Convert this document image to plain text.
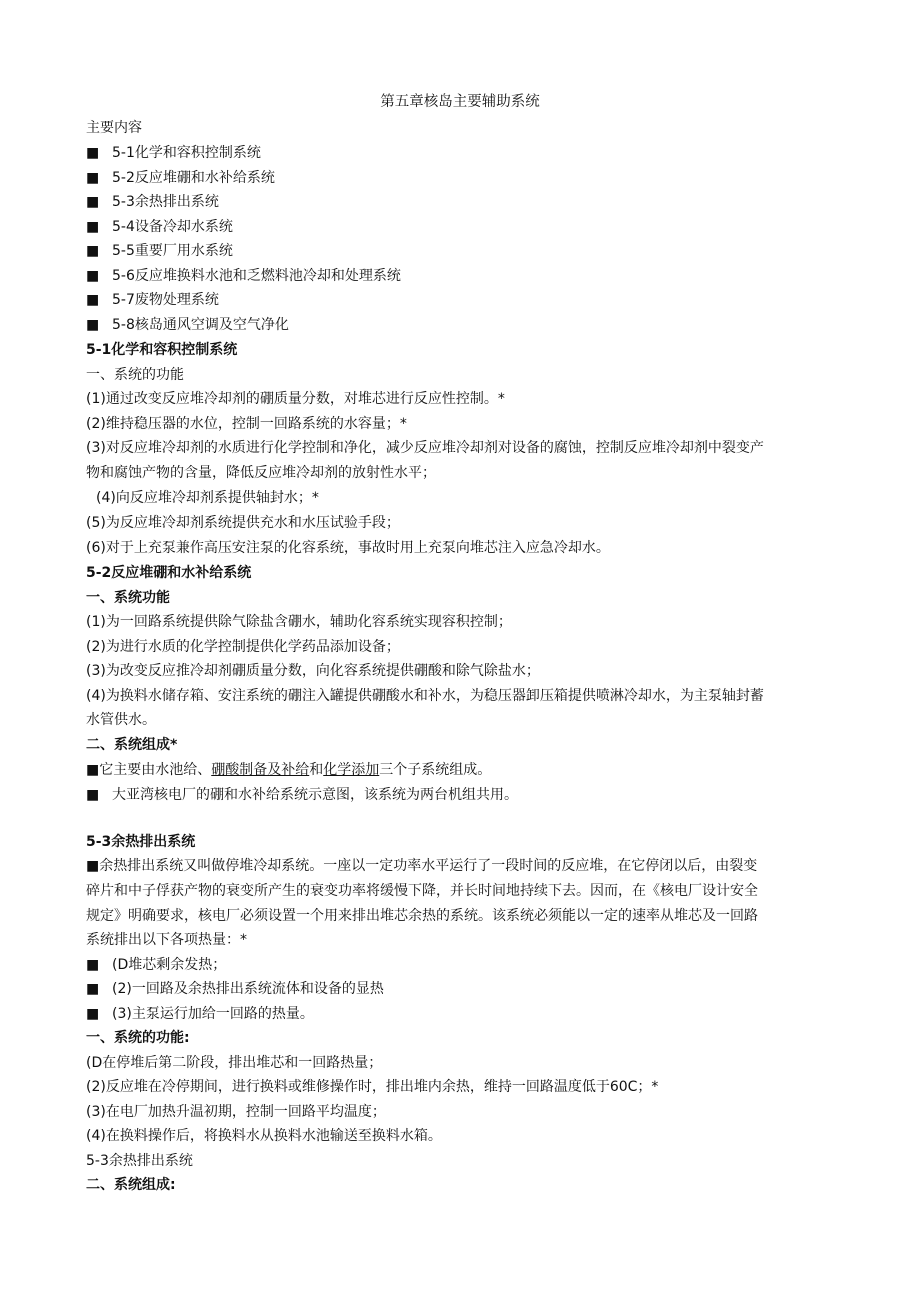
第五章核岛主要辅助系统
主要内容
■ 5-1化学和容积控制系统
■ 5-2反应堆硼和水补给系统
■ 5-3余热排出系统
■ 5-4设备冷却水系统
■ 5-5重要厂用水系统
■ 5-6反应堆换料水池和乏燃料池冷却和处理系统
■ 5-7废物处理系统
■ 5-8核岛通风空调及空气净化
5-1化学和容积控制系统
一、系统的功能
(1)通过改变反应堆冷却剂的硼质量分数，对堆芯进行反应性控制。*
(2)维持稳压器的水位，控制一回路系统的水容量；*
(3)对反应堆冷却剂的水质进行化学控制和净化，减少反应堆冷却剂对设备的腐蚀，控制反应堆冷却剂中裂变产
物和腐蚀产物的含量，降低反应堆冷却剂的放射性水平；
(4)向反应堆冷却剂系提供轴封水；*
(5)为反应堆冷却剂系统提供充水和水压试验手段；
(6)对于上充泵兼作高压安注泵的化容系统，事故时用上充泵向堆芯注入应急冷却水。
5-2反应堆硼和水补给系统
一、系统功能
(1)为一回路系统提供除气除盐含硼水，辅助化容系统实现容积控制；
(2)为进行水质的化学控制提供化学药品添加设备；
(3)为改变反应推冷却剂硼质量分数，向化容系统提供硼酸和除气除盐水；
(4)为换料水储存箱、安注系统的硼注入罐提供硼酸水和补水，为稳压器卸压箱提供喷淋冷却水，为主泵轴封蓄
水管供水。
二、系统组成*
■它主要由水池给、硼酸制备及补给和化学添加三个子系统组成。
■ 大亚湾核电厂的硼和水补给系统示意图，该系统为两台机组共用。
5-3余热排出系统
■余热排出系统又叫做停堆冷却系统。一座以一定功率水平运行了一段时间的反应堆，在它停闭以后，由裂变
碎片和中子俘获产物的衰变所产生的衰变功率将缓慢下降，并长时间地持续下去。因而，在《核电厂设计安全
规定》明确要求，核电厂必须设置一个用来排出堆芯余热的系统。该系统必须能以一定的速率从堆芯及一回路
系统排出以下各项热量：*
■ (D堆芯剩余发热；
■ (2)一回路及余热排出系统流体和设备的显热
■ (3)主泵运行加给一回路的热量。
一、系统的功能:
(D在停堆后第二阶段，排出堆芯和一回路热量；
(2)反应堆在冷停期间，进行换料或维修操作时，排出堆内余热，维持一回路温度低于60C；*
(3)在电厂加热升温初期，控制一回路平均温度；
(4)在换料操作后，将换料水从换料水池输送至换料水箱。
5-3余热排出系统
二、系统组成:
